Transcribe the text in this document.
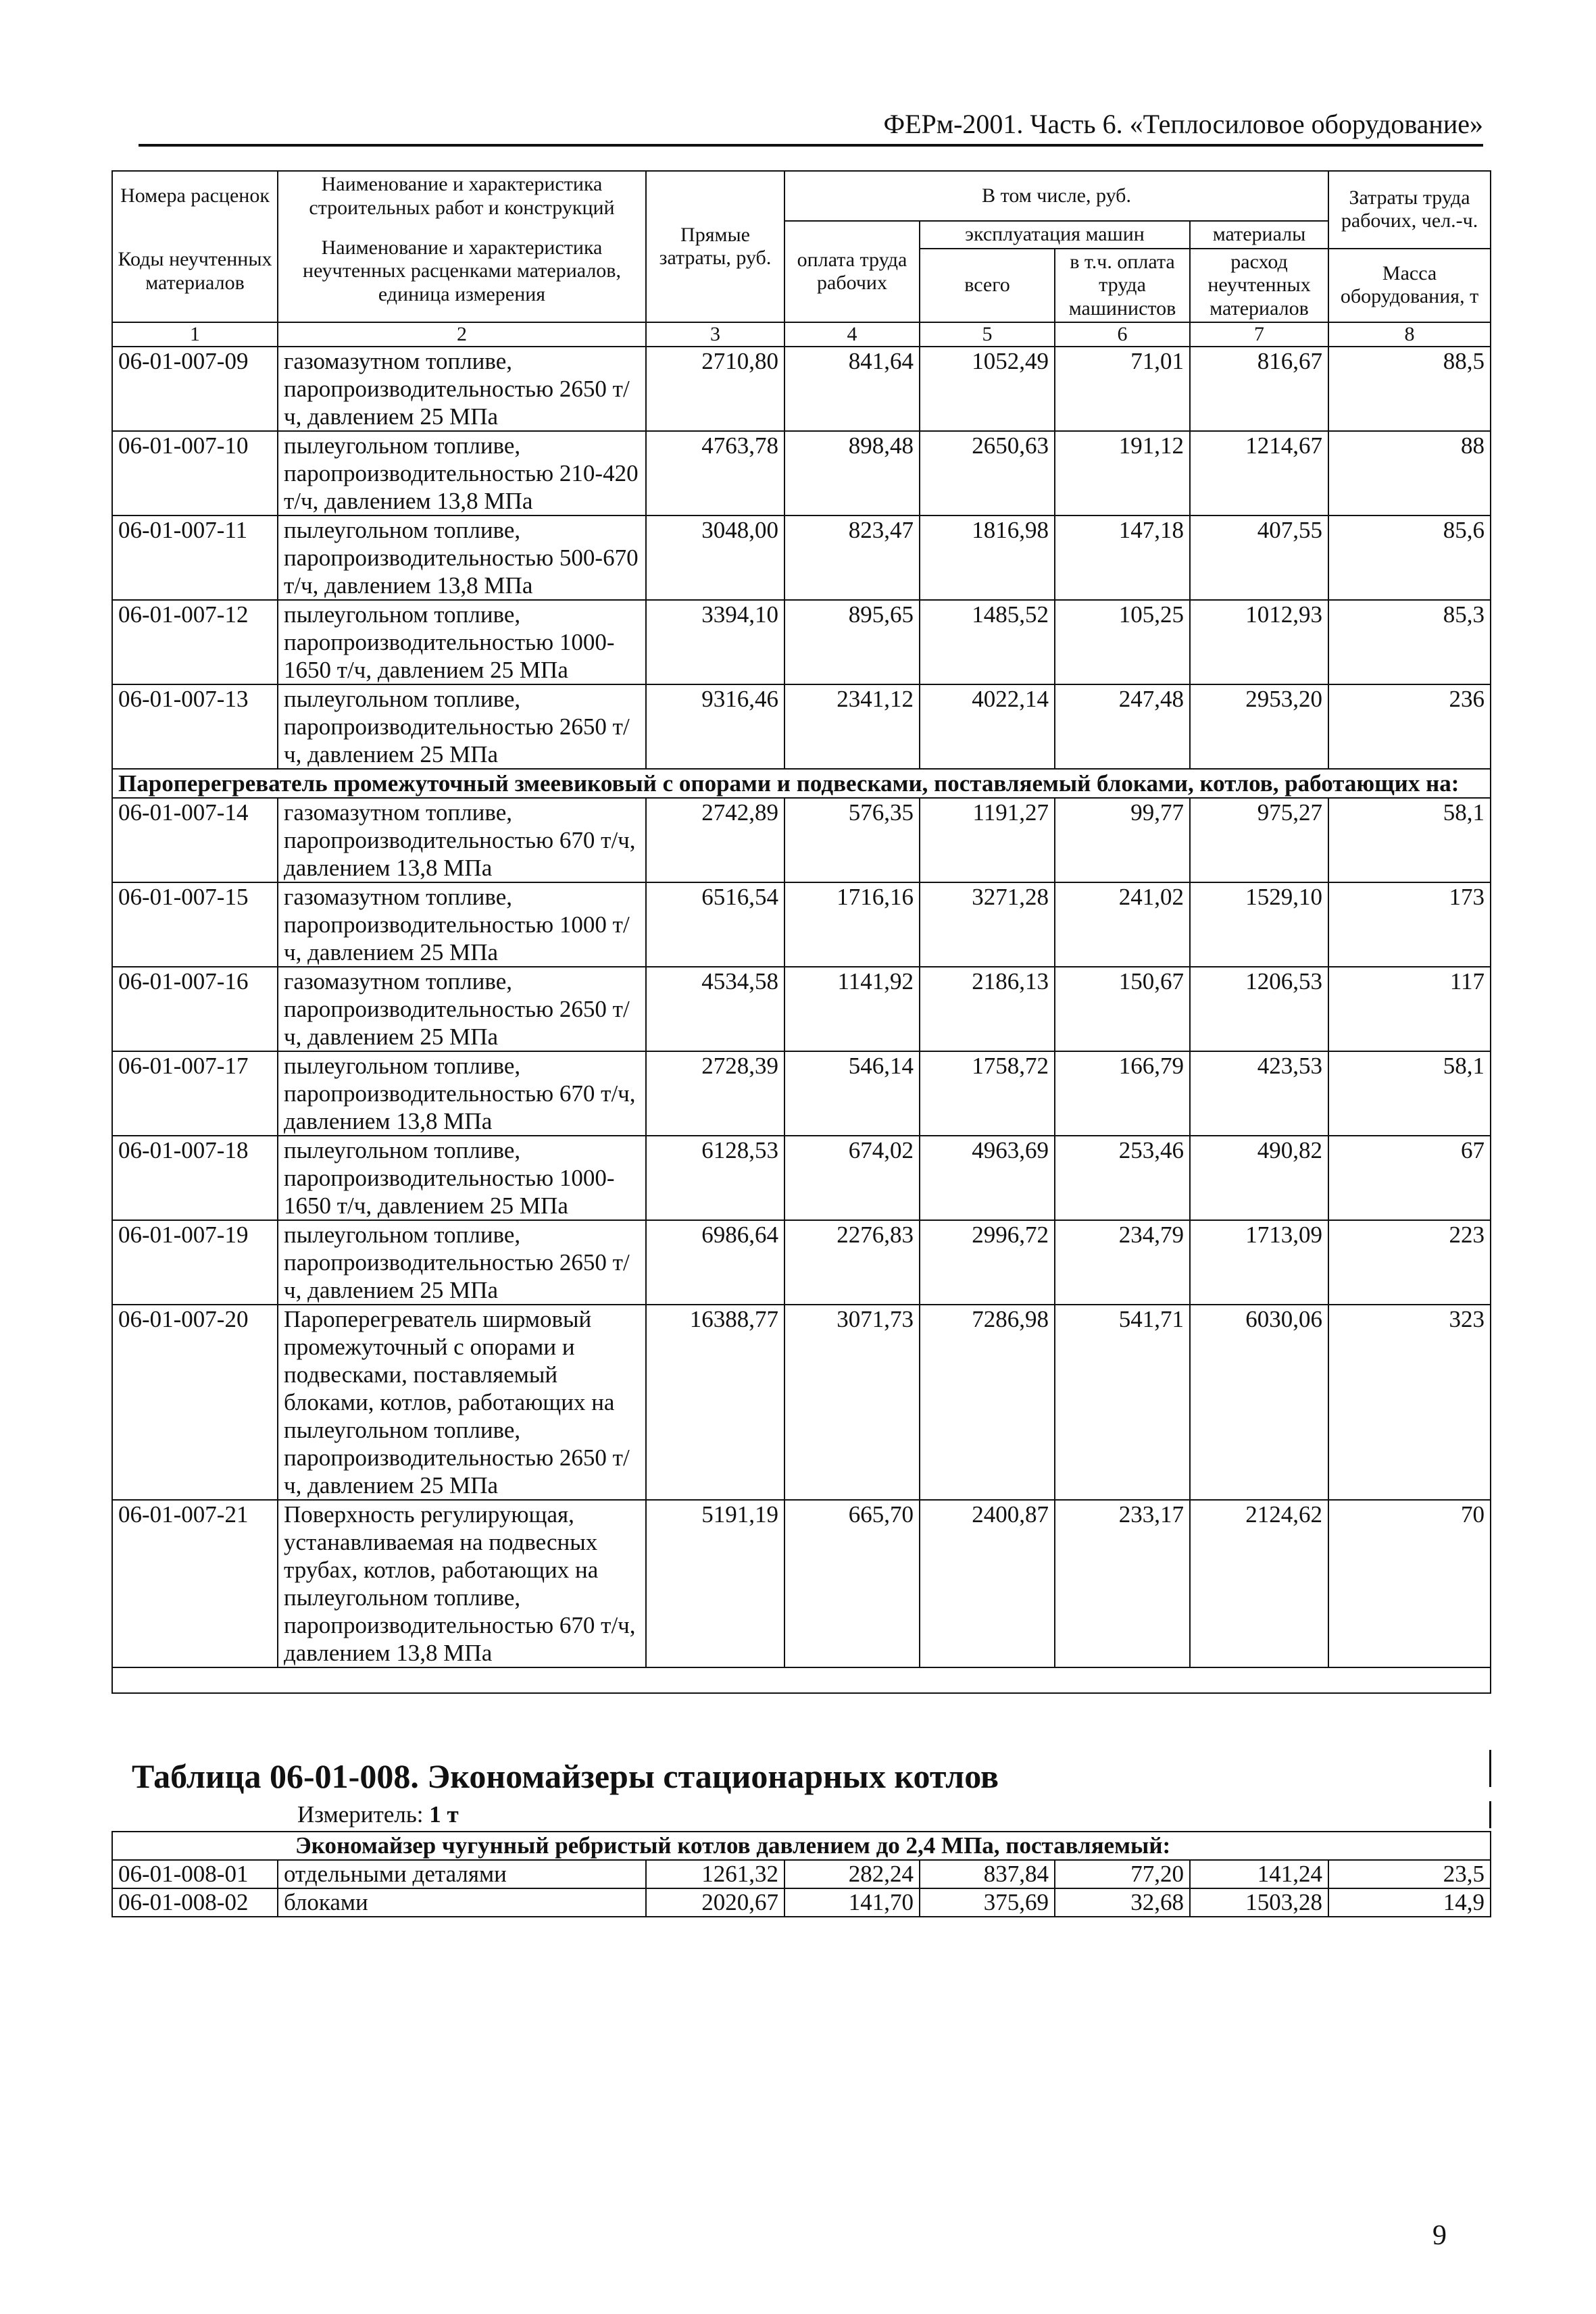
ФЕРм-2001. Часть 6. «Теплосиловое оборудование»
Номера расценок	Наименование и характеристика строительных работ и конструкций	Прямые затраты, руб.	В том числе, руб.				Затраты труда рабочих, чел.-ч.
Коды неучтенных материалов	Наименование и характеристика неучтенных расценками материалов, единица измерения		оплата труда рабочих	эксплуатация машин		материалы	
				всего	в т.ч. оплата труда машинистов	расход неучтенных материалов	
							Масса оборудования, т
1	2	3	4	5	6	7	8
06-01-007-09	газомазутном топливе, паропроизводительностью 2650 т/ч, давлением 25 МПа	2710,80	841,64	1052,49	71,01	816,67	88,5
06-01-007-10	пылеугольном топливе, паропроизводительностью 210-420 т/ч, давлением 13,8 МПа	4763,78	898,48	2650,63	191,12	1214,67	88
06-01-007-11	пылеугольном топливе, паропроизводительностью 500-670 т/ч, давлением 13,8 МПа	3048,00	823,47	1816,98	147,18	407,55	85,6
06-01-007-12	пылеугольном топливе, паропроизводительностью 1000-1650 т/ч, давлением 25 МПа	3394,10	895,65	1485,52	105,25	1012,93	85,3
06-01-007-13	пылеугольном топливе, паропроизводительностью 2650 т/ч, давлением 25 МПа	9316,46	2341,12	4022,14	247,48	2953,20	236
Пароперегреватель промежуточный змеевиковый с опорами и подвесками, поставляемый блоками, котлов, работающих на:							
06-01-007-14	газомазутном топливе, паропроизводительностью 670 т/ч, давлением 13,8 МПа	2742,89	576,35	1191,27	99,77	975,27	58,1
06-01-007-15	газомазутном топливе, паропроизводительностью 1000 т/ч, давлением 25 МПа	6516,54	1716,16	3271,28	241,02	1529,10	173
06-01-007-16	газомазутном топливе, паропроизводительностью 2650 т/ч, давлением 25 МПа	4534,58	1141,92	2186,13	150,67	1206,53	117
06-01-007-17	пылеугольном топливе, паропроизводительностью 670 т/ч, давлением 13,8 МПа	2728,39	546,14	1758,72	166,79	423,53	58,1
06-01-007-18	пылеугольном топливе, паропроизводительностью 1000-1650 т/ч, давлением 25 МПа	6128,53	674,02	4963,69	253,46	490,82	67
06-01-007-19	пылеугольном топливе, паропроизводительностью 2650 т/ч, давлением 25 МПа	6986,64	2276,83	2996,72	234,79	1713,09	223
06-01-007-20	Пароперегреватель ширмовый промежуточный с опорами и подвесками, поставляемый блоками, котлов, работающих на пылеугольном топливе, паропроизводительностью 2650 т/ч, давлением 25 МПа	16388,77	3071,73	7286,98	541,71	6030,06	323
06-01-007-21	Поверхность регулирующая, устанавливаемая на подвесных трубах, котлов, работающих на пылеугольном топливе, паропроизводительностью 670 т/ч, давлением 13,8 МПа	5191,19	665,70	2400,87	233,17	2124,62	70

Таблица 06-01-008. Экономайзеры стационарных котлов
Измеритель: 1 т
Экономайзер чугунный ребристый котлов давлением до 2,4 МПа, поставляемый:							
06-01-008-01	отдельными деталями	1261,32	282,24	837,84	77,20	141,24	23,5
06-01-008-02	блоками	2020,67	141,70	375,69	32,68	1503,28	14,9
9
